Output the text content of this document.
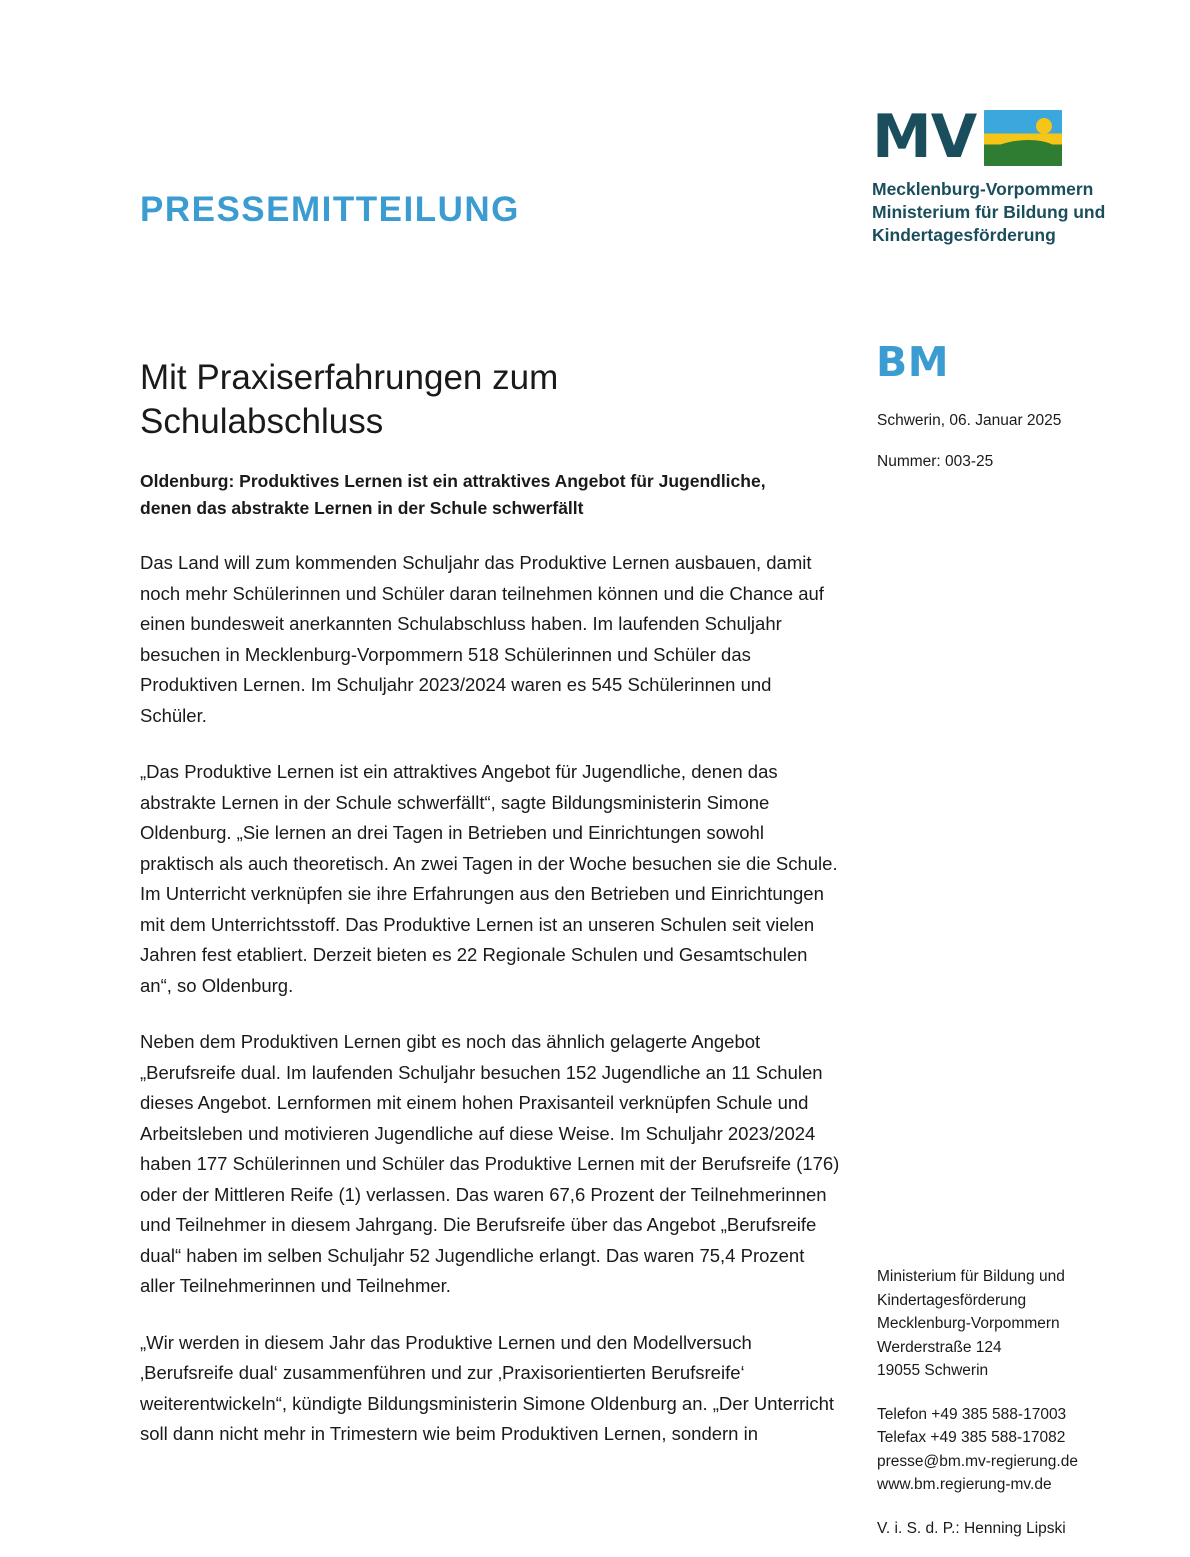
PRESSEMITTEILUNG
MV
Mecklenburg-Vorpommern Ministerium für Bildung und Kindertagesförderung
BM
Schwerin, 06. Januar 2025
Nummer: 003-25
Mit Praxiserfahrungen zum Schulabschluss
Oldenburg: Produktives Lernen ist ein attraktives Angebot für Jugendliche, denen das abstrakte Lernen in der Schule schwerfällt

Das Land will zum kommenden Schuljahr das Produktive Lernen ausbauen, damit noch mehr Schülerinnen und Schüler daran teilnehmen können und die Chance auf einen bundesweit anerkannten Schulabschluss haben. Im laufenden Schuljahr besuchen in Mecklenburg-Vorpommern 518 Schülerinnen und Schüler das Produktiven Lernen. Im Schuljahr 2023/2024 waren es 545 Schülerinnen und Schüler.

„Das Produktive Lernen ist ein attraktives Angebot für Jugendliche, denen das abstrakte Lernen in der Schule schwerfällt“, sagte Bildungsministerin Simone Oldenburg. „Sie lernen an drei Tagen in Betrieben und Einrichtungen sowohl praktisch als auch theoretisch. An zwei Tagen in der Woche besuchen sie die Schule. Im Unterricht verknüpfen sie ihre Erfahrungen aus den Betrieben und Einrichtungen mit dem Unterrichtsstoff. Das Produktive Lernen ist an unseren Schulen seit vielen Jahren fest etabliert. Derzeit bieten es 22 Regionale Schulen und Gesamtschulen an“, so Oldenburg.

Neben dem Produktiven Lernen gibt es noch das ähnlich gelagerte Angebot „Berufsreife dual. Im laufenden Schuljahr besuchen 152 Jugendliche an 11 Schulen dieses Angebot. Lernformen mit einem hohen Praxisanteil verknüpfen Schule und Arbeitsleben und motivieren Jugendliche auf diese Weise. Im Schuljahr 2023/2024 haben 177 Schülerinnen und Schüler das Produktive Lernen mit der Berufsreife (176) oder der Mittleren Reife (1) verlassen. Das waren 67,6 Prozent der Teilnehmerinnen und Teilnehmer in diesem Jahrgang. Die Berufsreife über das Angebot „Berufsreife dual“ haben im selben Schuljahr 52 Jugendliche erlangt. Das waren 75,4 Prozent aller Teilnehmerinnen und Teilnehmer.

„Wir werden in diesem Jahr das Produktive Lernen und den Modellversuch ‚Berufsreife dual‘ zusammenführen und zur ‚Praxisorientierten Berufsreife‘ weiterentwickeln“, kündigte Bildungsministerin Simone Oldenburg an. „Der Unterricht soll dann nicht mehr in Trimestern wie beim Produktiven Lernen, sondern in

Ministerium für Bildung und
Kindertagesförderung
Mecklenburg-Vorpommern
Werderstraße 124
19055 Schwerin
Telefon +49 385 588-17003
Telefax +49 385 588-17082
presse@bm.mv-regierung.de
www.bm.regierung-mv.de
V. i. S. d. P.: Henning Lipski
